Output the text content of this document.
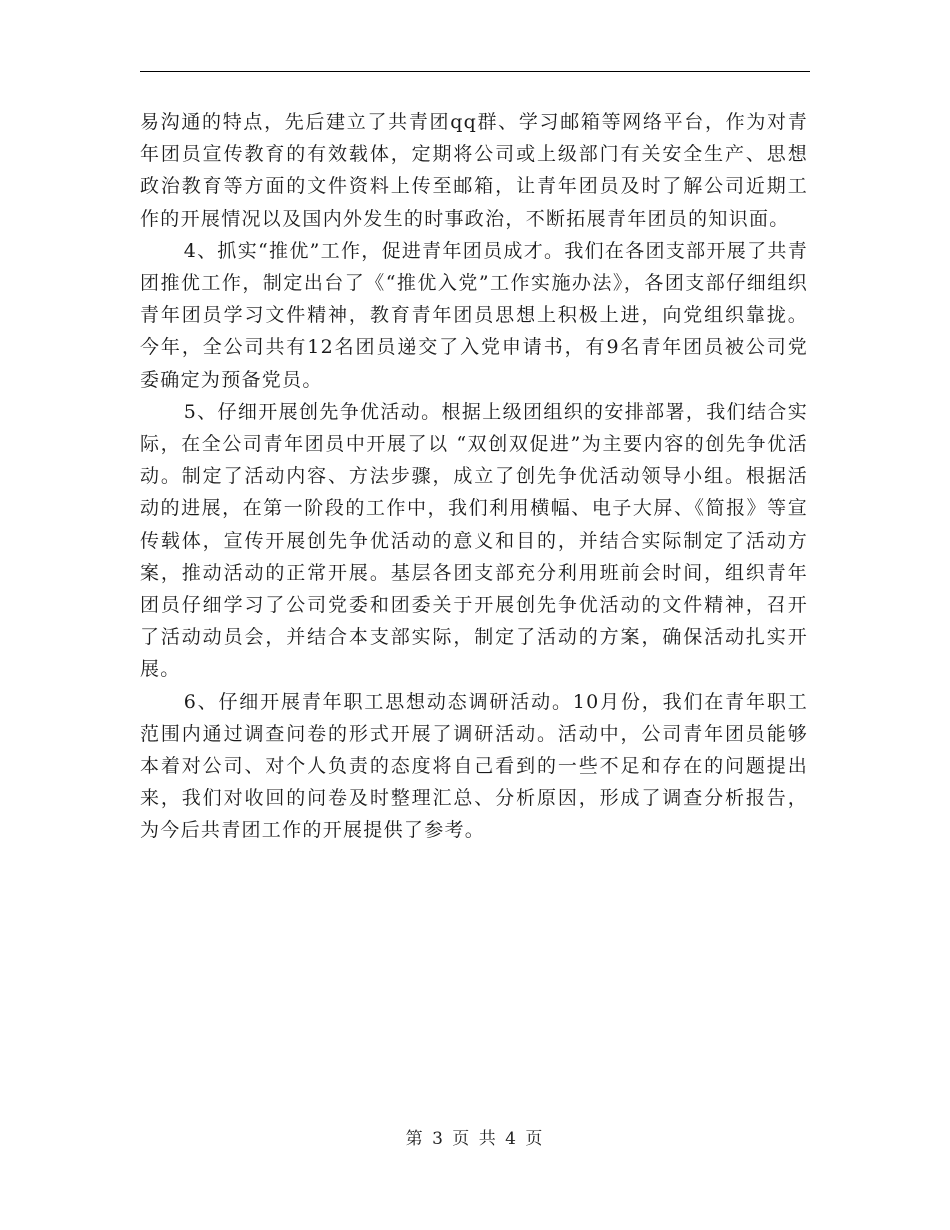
易沟通的特点，先后建立了共青团qq群、学习邮箱等网络平台，作为对青年团员宣传教育的有效载体，定期将公司或上级部门有关安全生产、思想政治教育等方面的文件资料上传至邮箱，让青年团员及时了解公司近期工作的开展情况以及国内外发生的时事政治，不断拓展青年团员的知识面。

4、抓实“推优”工作，促进青年团员成才。我们在各团支部开展了共青团推优工作，制定出台了《“推优入党”工作实施办法》，各团支部仔细组织青年团员学习文件精神，教育青年团员思想上积极上进，向党组织靠拢。今年，全公司共有12名团员递交了入党申请书，有9名青年团员被公司党委确定为预备党员。

5、仔细开展创先争优活动。根据上级团组织的安排部署，我们结合实际，在全公司青年团员中开展了以 “双创双促进”为主要内容的创先争优活动。制定了活动内容、方法步骤，成立了创先争优活动领导小组。根据活动的进展，在第一阶段的工作中，我们利用横幅、电子大屏、《简报》等宣传载体，宣传开展创先争优活动的意义和目的，并结合实际制定了活动方案，推动活动的正常开展。基层各团支部充分利用班前会时间，组织青年团员仔细学习了公司党委和团委关于开展创先争优活动的文件精神，召开了活动动员会，并结合本支部实际，制定了活动的方案，确保活动扎实开展。

6、仔细开展青年职工思想动态调研活动。10月份，我们在青年职工范围内通过调查问卷的形式开展了调研活动。活动中，公司青年团员能够本着对公司、对个人负责的态度将自己看到的一些不足和存在的问题提出来，我们对收回的问卷及时整理汇总、分析原因，形成了调查分析报告，为今后共青团工作的开展提供了参考。

第 3 页 共 4 页
